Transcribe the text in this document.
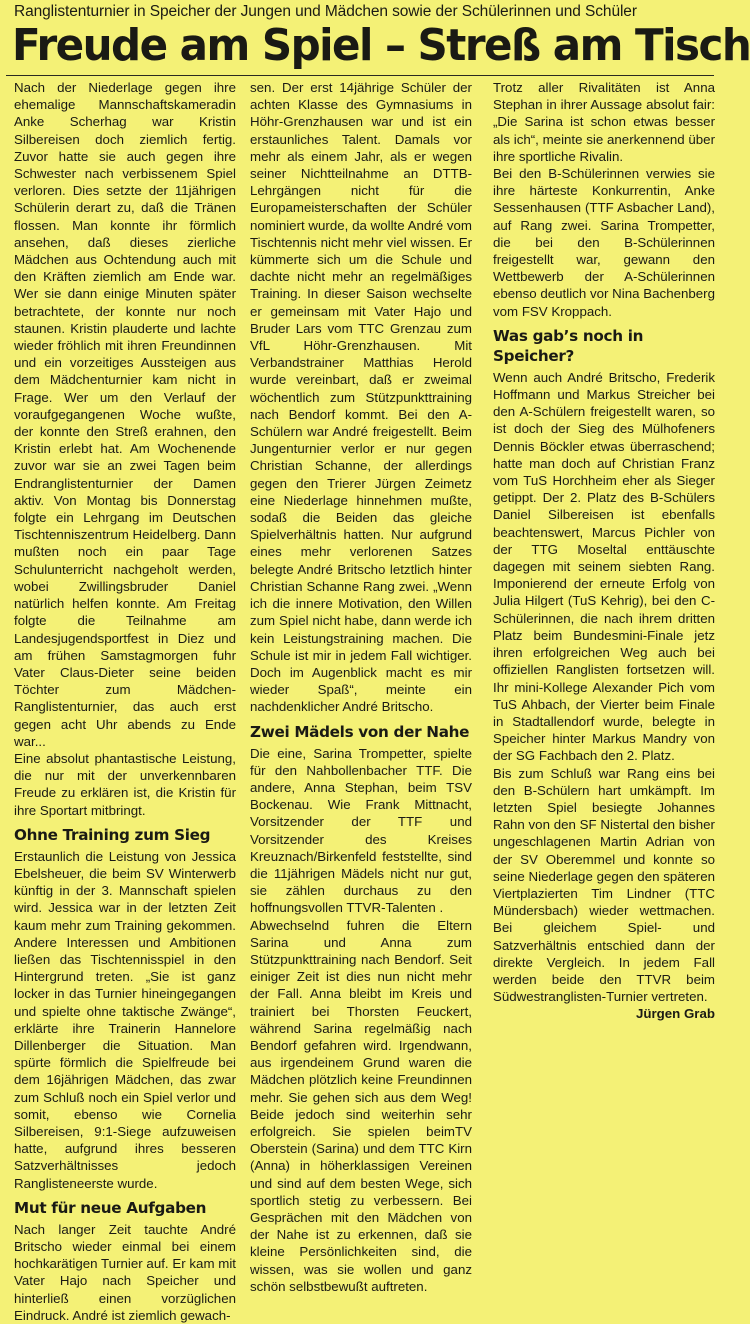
Ranglistenturnier in Speicher der Jungen und Mädchen sowie der Schülerinnen und Schüler
Freude am Spiel – Streß am Tisch

Nach der Niederlage gegen ihre ehemalige Mannschaftskameradin Anke Scherhag war Kristin Silbereisen doch ziemlich fertig. Zuvor hatte sie auch gegen ihre Schwester nach verbissenem Spiel verloren. Dies setzte der 11jährigen Schülerin derart zu, daß die Tränen flossen. Man konnte ihr förmlich ansehen, daß dieses zierliche Mädchen aus Ochtendung auch mit den Kräften ziemlich am Ende war. Wer sie dann einige Minuten später betrachtete, der konnte nur noch staunen. Kristin plauderte und lachte wieder fröhlich mit ihren Freundinnen und ein vorzeitiges Aussteigen aus dem Mädchenturnier kam nicht in Frage. Wer um den Verlauf der voraufgegangenen Woche wußte, der konnte den Streß erahnen, den Kristin erlebt hat. Am Wochenende zuvor war sie an zwei Tagen beim Endranglistenturnier der Damen aktiv. Von Montag bis Donnerstag folgte ein Lehrgang im Deutschen Tischtenniszentrum Heidelberg. Dann mußten noch ein paar Tage Schulunterricht nachgeholt werden, wobei Zwillingsbruder Daniel natürlich helfen konnte. Am Freitag folgte die Teilnahme am Landesjugendsportfest in Diez und am frühen Samstagmorgen fuhr Vater Claus-Dieter seine beiden Töchter zum Mädchen-Ranglistenturnier, das auch erst gegen acht Uhr abends zu Ende war...

Eine absolut phantastische Leistung, die nur mit der unverkennbaren Freude zu erklären ist, die Kristin für ihre Sportart mitbringt.

Ohne Training zum Sieg

Erstaunlich die Leistung von Jessica Ebelsheuer, die beim SV Winterwerb künftig in der 3. Mannschaft spielen wird. Jessica war in der letzten Zeit kaum mehr zum Training gekommen. Andere Interessen und Ambitionen ließen das Tischtennisspiel in den Hintergrund treten. „Sie ist ganz locker in das Turnier hineingegangen und spielte ohne taktische Zwänge“, erklärte ihre Trainerin Hannelore Dillenberger die Situation. Man spürte förmlich die Spielfreude bei dem 16jährigen Mädchen, das zwar zum Schluß noch ein Spiel verlor und somit, ebenso wie Cornelia Silbereisen, 9:1-Siege aufzuweisen hatte, aufgrund ihres besseren Satzverhältnisses jedoch Ranglisteneerste wurde.

Mut für neue Aufgaben

Nach langer Zeit tauchte André Britscho wieder einmal bei einem hochkarätigen Turnier auf. Er kam mit Vater Hajo nach Speicher und hinterließ einen vorzüglichen Eindruck. André ist ziemlich gewach-

sen. Der erst 14jährige Schüler der achten Klasse des Gymnasiums in Höhr-Grenzhausen war und ist ein erstaunliches Talent. Damals vor mehr als einem Jahr, als er wegen seiner Nichtteilnahme an DTTB-Lehrgängen nicht für die Europameisterschaften der Schüler nominiert wurde, da wollte André vom Tischtennis nicht mehr viel wissen. Er kümmerte sich um die Schule und dachte nicht mehr an regelmäßiges Training. In dieser Saison wechselte er gemeinsam mit Vater Hajo und Bruder Lars vom TTC Grenzau zum VfL Höhr-Grenzhausen. Mit Verbandstrainer Matthias Herold wurde vereinbart, daß er zweimal wöchentlich zum Stützpunkttraining nach Bendorf kommt. Bei den A-Schülern war André freigestellt. Beim Jungenturnier verlor er nur gegen Christian Schanne, der allerdings gegen den Trierer Jürgen Zeimetz eine Niederlage hinnehmen mußte, sodaß die Beiden das gleiche Spielverhältnis hatten. Nur aufgrund eines mehr verlorenen Satzes belegte André Britscho letztlich hinter Christian Schanne Rang zwei. „Wenn ich die innere Motivation, den Willen zum Spiel nicht habe, dann werde ich kein Leistungstraining machen. Die Schule ist mir in jedem Fall wichtiger. Doch im Augenblick macht es mir wieder Spaß“, meinte ein nachdenklicher André Britscho.

Zwei Mädels von der Nahe

Die eine, Sarina Trompetter, spielte für den Nahbollenbacher TTF. Die andere, Anna Stephan, beim TSV Bockenau. Wie Frank Mittnacht, Vorsitzender der TTF und Vorsitzender des Kreises Kreuznach/Birkenfeld feststellte, sind die 11jährigen Mädels nicht nur gut, sie zählen durchaus zu den hoffnungsvollen TTVR-Talenten .

Abwechselnd fuhren die Eltern Sarina und Anna zum Stützpunkttraining nach Bendorf. Seit einiger Zeit ist dies nun nicht mehr der Fall. Anna bleibt im Kreis und trainiert bei Thorsten Feuckert, während Sarina regelmäßig nach Bendorf gefahren wird. Irgendwann, aus irgendeinem Grund waren die Mädchen plötzlich keine Freundinnen mehr. Sie gehen sich aus dem Weg! Beide jedoch sind weiterhin sehr erfolgreich. Sie spielen beimTV Oberstein (Sarina) und dem TTC Kirn (Anna) in höherklassigen Vereinen und sind auf dem besten Wege, sich sportlich stetig zu verbessern. Bei Gesprächen mit den Mädchen von der Nahe ist zu erkennen, daß sie kleine Persönlichkeiten sind, die wissen, was sie wollen und ganz schön selbstbewußt auftreten.

Trotz aller Rivalitäten ist Anna Stephan in ihrer Aussage absolut fair: „Die Sarina ist schon etwas besser als ich“, meinte sie anerkennend über ihre sportliche Rivalin.

Bei den B-Schülerinnen verwies sie ihre härteste Konkurrentin, Anke Sessenhausen (TTF Asbacher Land), auf Rang zwei. Sarina Trompetter, die bei den B-Schülerinnen freigestellt war, gewann den Wettbewerb der A-Schülerinnen ebenso deutlich vor Nina Bachenberg vom FSV Kroppach.

Was gab’s noch in Speicher?

Wenn auch André Britscho, Frederik Hoffmann und Markus Streicher bei den A-Schülern freigestellt waren, so ist doch der Sieg des Mülhofeners Dennis Böckler etwas überraschend; hatte man doch auf Christian Franz vom TuS Horchheim eher als Sieger getippt. Der 2. Platz des B-Schülers Daniel Silbereisen ist ebenfalls beachtenswert, Marcus Pichler von der TTG Moseltal enttäuschte dagegen mit seinem siebten Rang. Imponierend der erneute Erfolg von Julia Hilgert (TuS Kehrig), bei den C-Schülerinnen, die nach ihrem dritten Platz beim Bundesmini-Finale jetz ihren erfolgreichen Weg auch bei offiziellen Ranglisten fortsetzen will. Ihr mini-Kollege Alexander Pich vom TuS Ahbach, der Vierter beim Finale in Stadtallendorf wurde, belegte in Speicher hinter Markus Mandry von der SG Fachbach den 2. Platz.

Bis zum Schluß war Rang eins bei den B-Schülern hart umkämpft. Im letzten Spiel besiegte Johannes Rahn von den SF Nistertal den bisher ungeschlagenen Martin Adrian von der SV Oberemmel und konnte so seine Niederlage gegen den späteren Viertplazierten Tim Lindner (TTC Mündersbach) wieder wettmachen. Bei gleichem Spiel- und Satzverhältnis entschied dann der direkte Vergleich. In jedem Fall werden beide den TTVR beim Südwestranglisten-Turnier vertreten.

Jürgen Grab
